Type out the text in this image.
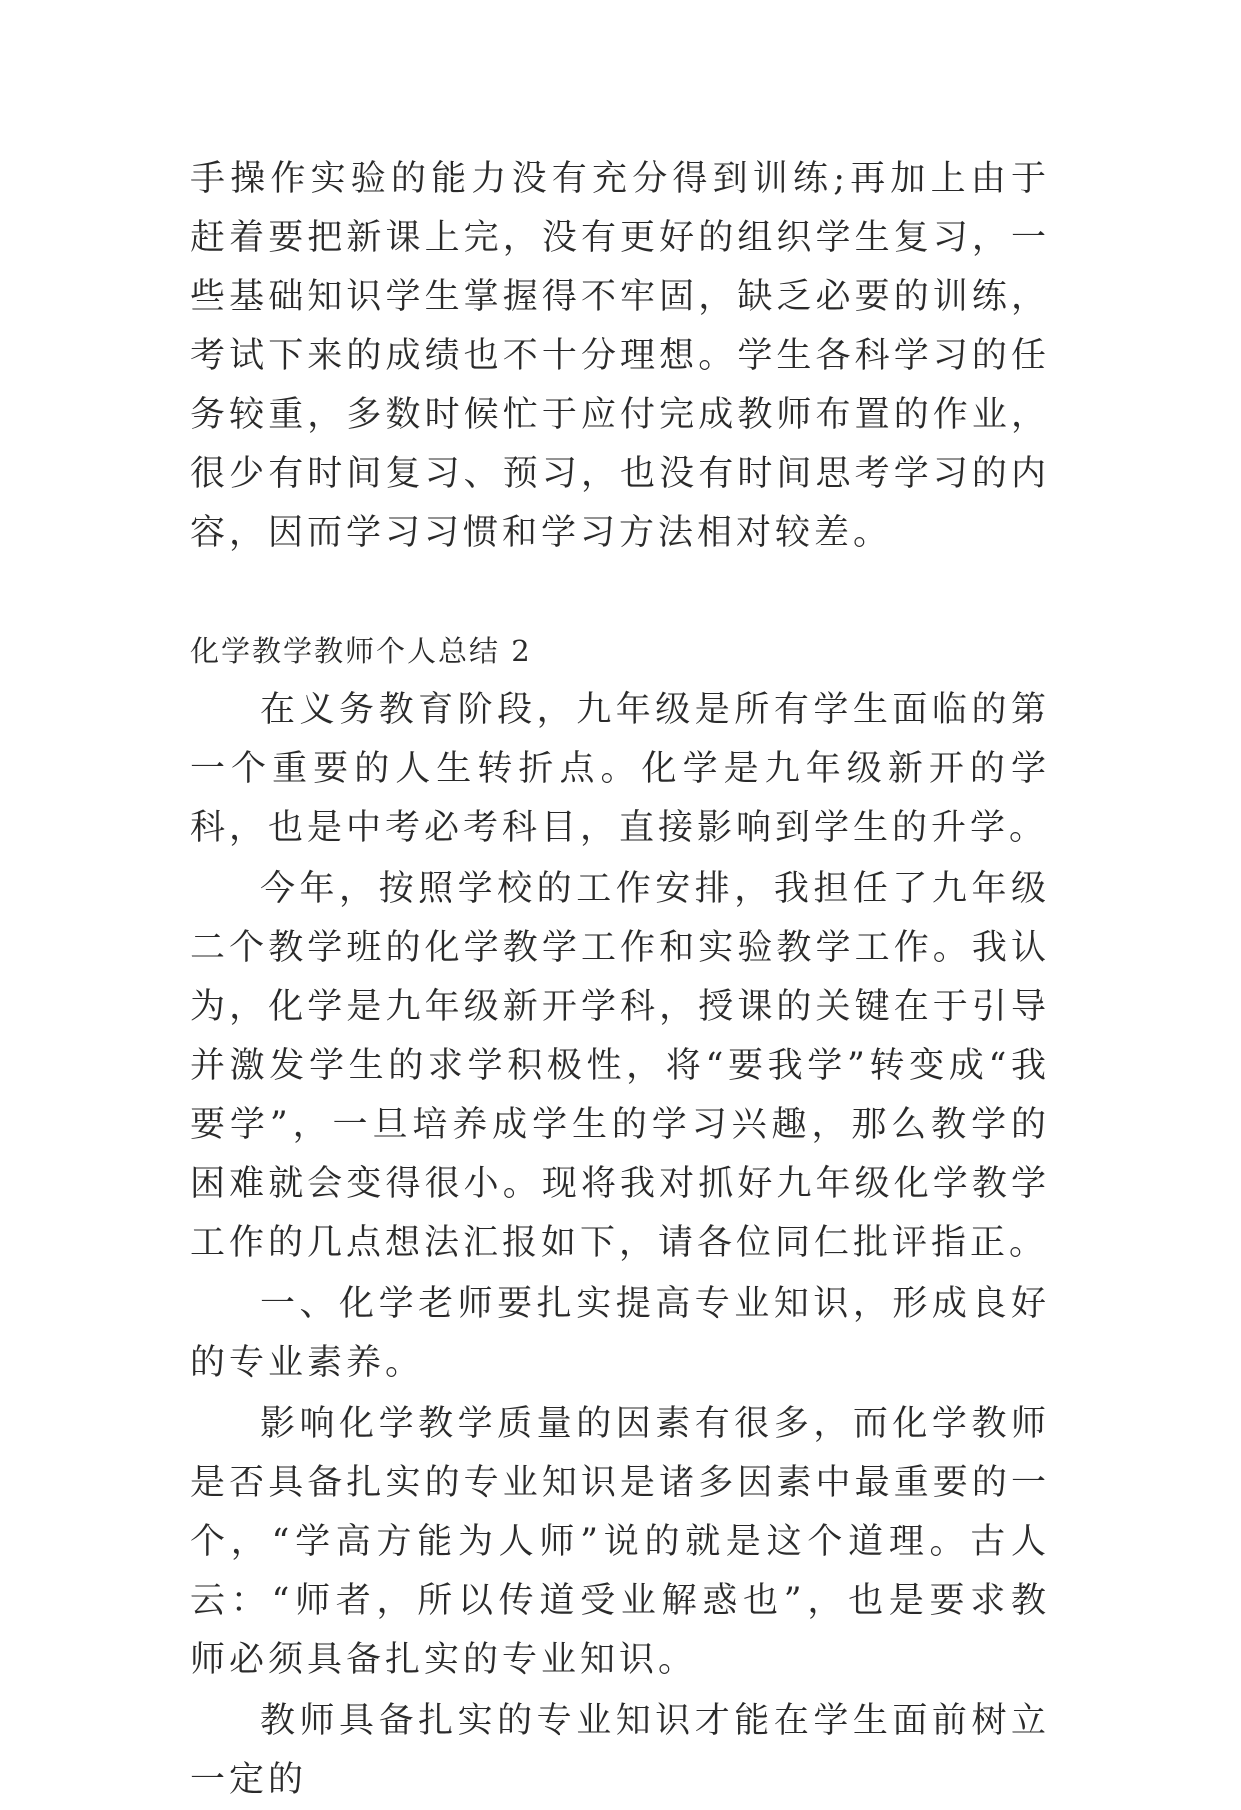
手操作实验的能力没有充分得到训练;再加上由于赶着要把新课上完，没有更好的组织学生复习，一些基础知识学生掌握得不牢固，缺乏必要的训练，考试下来的成绩也不十分理想。学生各科学习的任务较重，多数时候忙于应付完成教师布置的作业，很少有时间复习、预习，也没有时间思考学习的内容，因而学习习惯和学习方法相对较差。

化学教学教师个人总结 2

在义务教育阶段，九年级是所有学生面临的第一个重要的人生转折点。化学是九年级新开的学科，也是中考必考科目，直接影响到学生的升学。

今年，按照学校的工作安排，我担任了九年级二个教学班的化学教学工作和实验教学工作。我认为，化学是九年级新开学科，授课的关键在于引导并激发学生的求学积极性，将“要我学”转变成“我要学”，一旦培养成学生的学习兴趣，那么教学的困难就会变得很小。现将我对抓好九年级化学教学工作的几点想法汇报如下，请各位同仁批评指正。

一、化学老师要扎实提高专业知识，形成良好的专业素养。

影响化学教学质量的因素有很多，而化学教师是否具备扎实的专业知识是诸多因素中最重要的一个，“学高方能为人师”说的就是这个道理。古人云：“师者，所以传道受业解惑也”，也是要求教师必须具备扎实的专业知识。

教师具备扎实的专业知识才能在学生面前树立一定的
